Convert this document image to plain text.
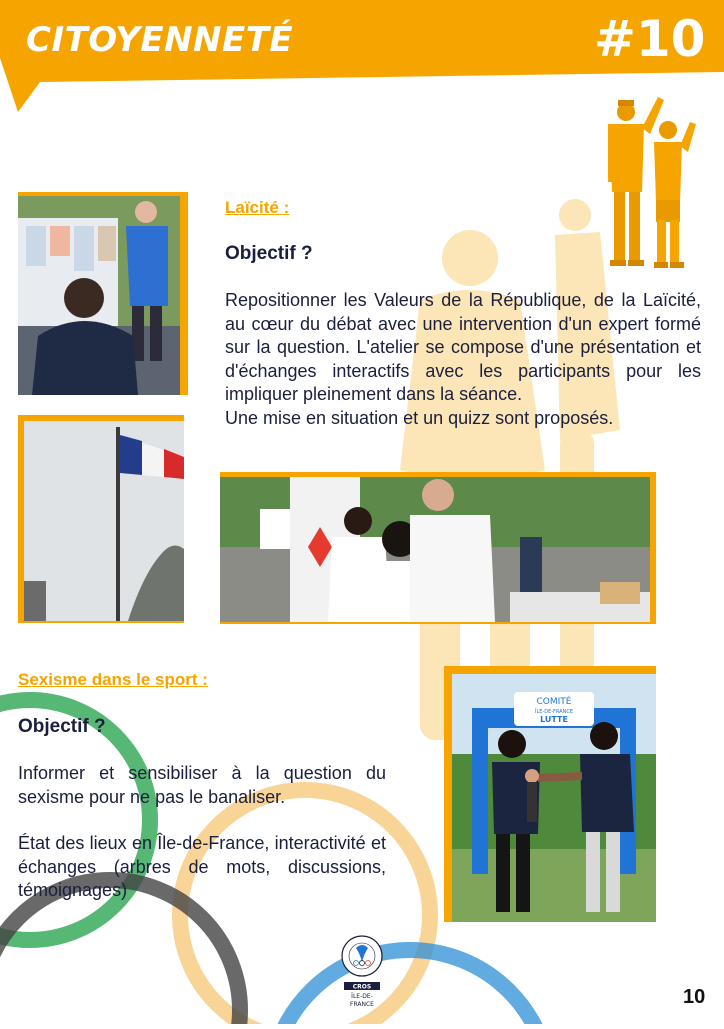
CITOYENNETÉ	#10
Laïcité :
Objectif ?

Repositionner les Valeurs de la République, de la Laïcité, au cœur du débat avec une intervention d'un expert formé sur la question. L'atelier se compose d'une présentation et d'échanges interactifs avec les participants pour les impliquer pleinement dans la séance.

Une mise en situation et un quizz sont proposés.

Sexisme dans le sport :
Objectif ?

Informer et sensibiliser à la question du sexisme pour ne pas le banaliser.

État des lieux en Île-de-France, interactivité et échanges (arbres de mots, discussions, témoignages)

COMITÉ
ÎLE-DE-FRANCE
LUTTE
CROS
ÎLE-DE-
FRANCE	10
